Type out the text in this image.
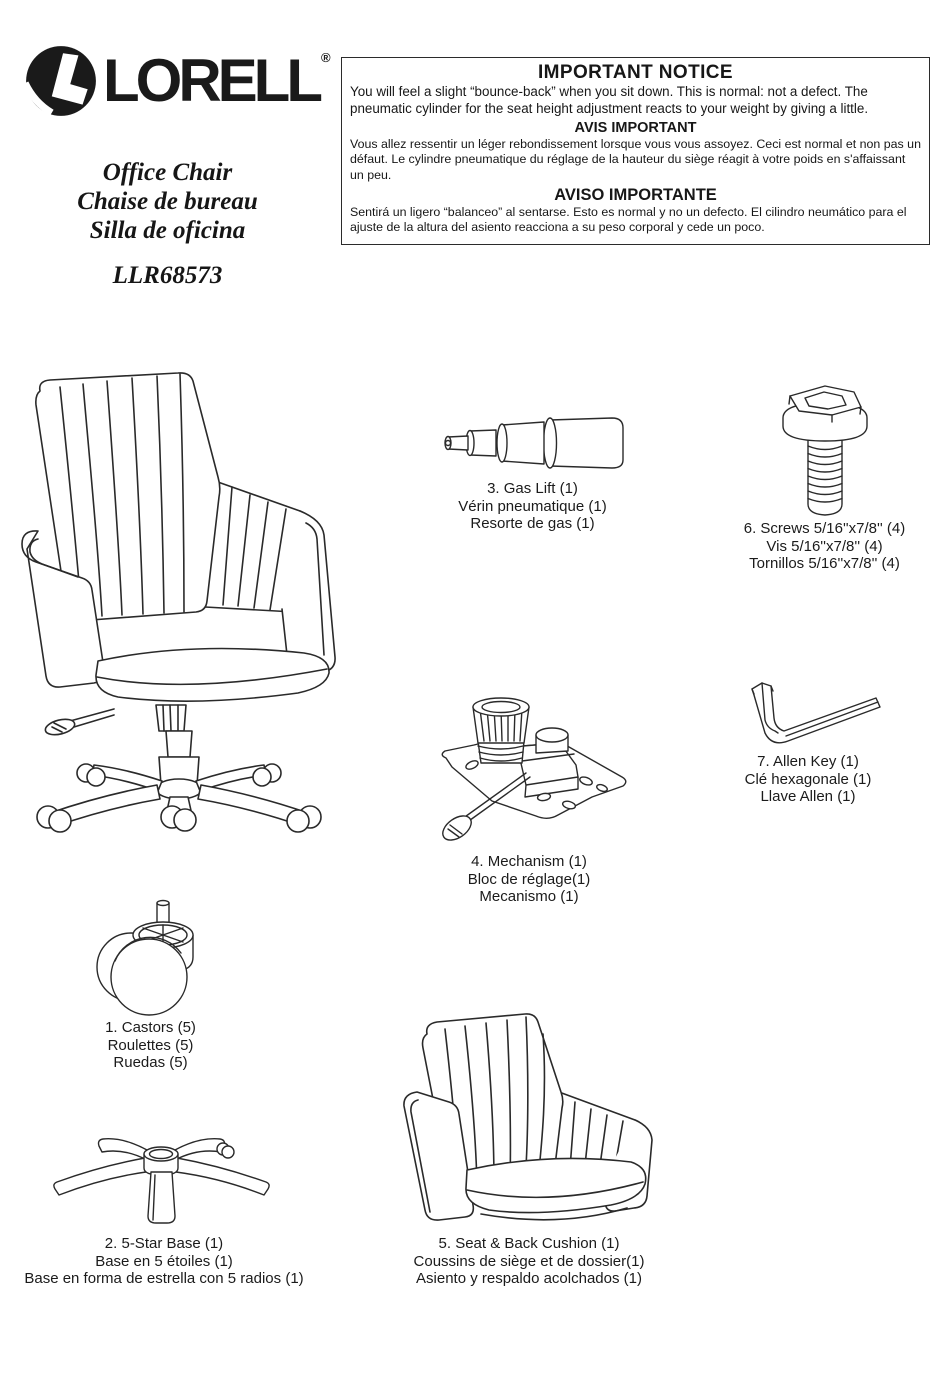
LORELL ®
Office Chair
Chaise de bureau
Silla de oficina
LLR68573
IMPORTANT NOTICE

You will feel a slight “bounce-back” when you sit down. This is normal: not a defect. The pneumatic cylinder for the seat height adjustment reacts to your weight by giving a little.

AVIS IMPORTANT

Vous allez ressentir un léger rebondissement lorsque vous vous assoyez. Ceci est normal et non pas un défaut. Le cylindre pneumatique du réglage de la hauteur du siège réagit à votre poids en s'affaissant un peu.

AVISO IMPORTANTE

Sentirá un ligero “balanceo” al sentarse. Esto es normal y no un defecto. El cilindro neumático para el ajuste de la altura del asiento reacciona a su peso corporal y cede un poco.

3. Gas Lift (1)
Vérin pneumatique (1)
Resorte de gas (1)	6. Screws 5/16''x7/8'' (4)
Vis 5/16''x7/8'' (4)
Tornillos 5/16''x7/8'' (4)
4. Mechanism (1)
Bloc de réglage(1)
Mecanismo (1)
7. Allen Key (1)
Clé hexagonale (1)
Llave Allen (1)
1. Castors (5)
Roulettes (5)
Ruedas (5)
2. 5-Star Base (1)
Base en 5 étoiles (1)
Base en forma de estrella con 5 radios (1)
5. Seat & Back Cushion (1)
Coussins de siège et de dossier(1)
Asiento y respaldo acolchados (1)
